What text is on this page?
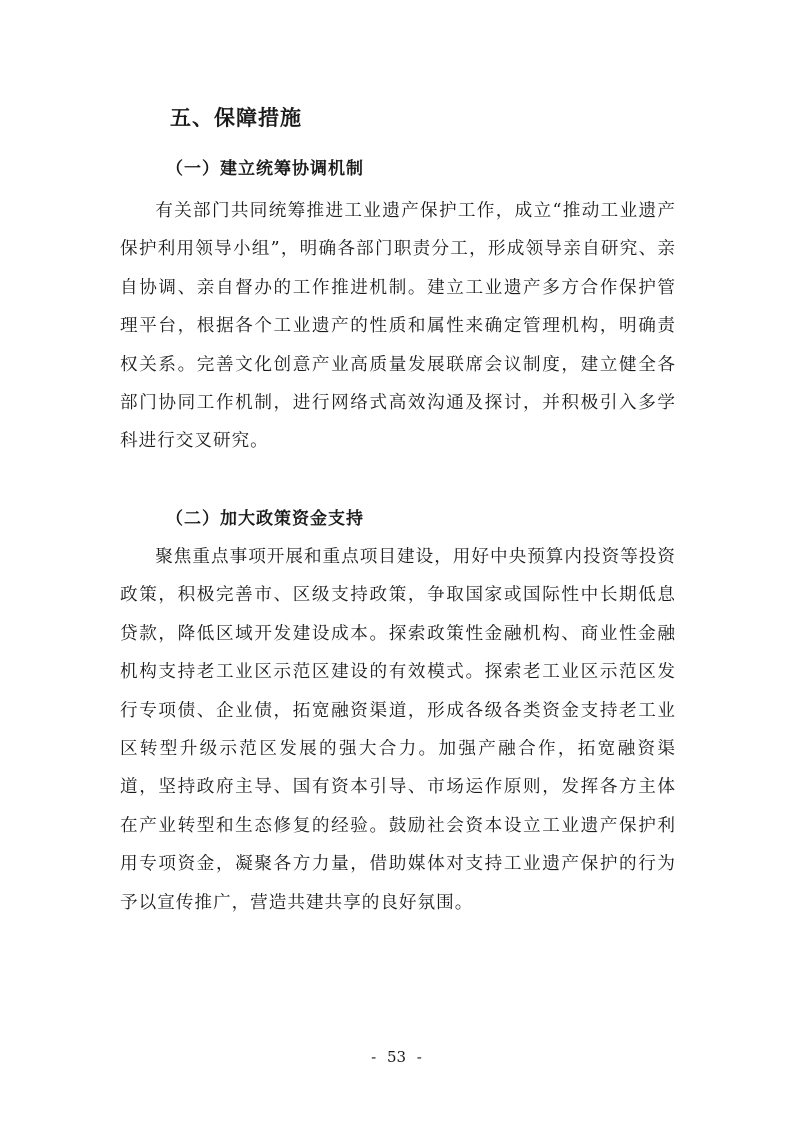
五、保障措施
（一）建立统筹协调机制

有关部门共同统筹推进工业遗产保护工作，成立“推动工业遗产保护利用领导小组”，明确各部门职责分工，形成领导亲自研究、亲自协调、亲自督办的工作推进机制。建立工业遗产多方合作保护管理平台，根据各个工业遗产的性质和属性来确定管理机构，明确责权关系。完善文化创意产业高质量发展联席会议制度，建立健全各部门协同工作机制，进行网络式高效沟通及探讨，并积极引入多学科进行交叉研究。

（二）加大政策资金支持

聚焦重点事项开展和重点项目建设，用好中央预算内投资等投资政策，积极完善市、区级支持政策，争取国家或国际性中长期低息贷款，降低区域开发建设成本。探索政策性金融机构、商业性金融机构支持老工业区示范区建设的有效模式。探索老工业区示范区发行专项债、企业债，拓宽融资渠道，形成各级各类资金支持老工业区转型升级示范区发展的强大合力。加强产融合作，拓宽融资渠道，坚持政府主导、国有资本引导、市场运作原则，发挥各方主体在产业转型和生态修复的经验。鼓励社会资本设立工业遗产保护利用专项资金，凝聚各方力量，借助媒体对支持工业遗产保护的行为予以宣传推广，营造共建共享的良好氛围。

- 53 -
